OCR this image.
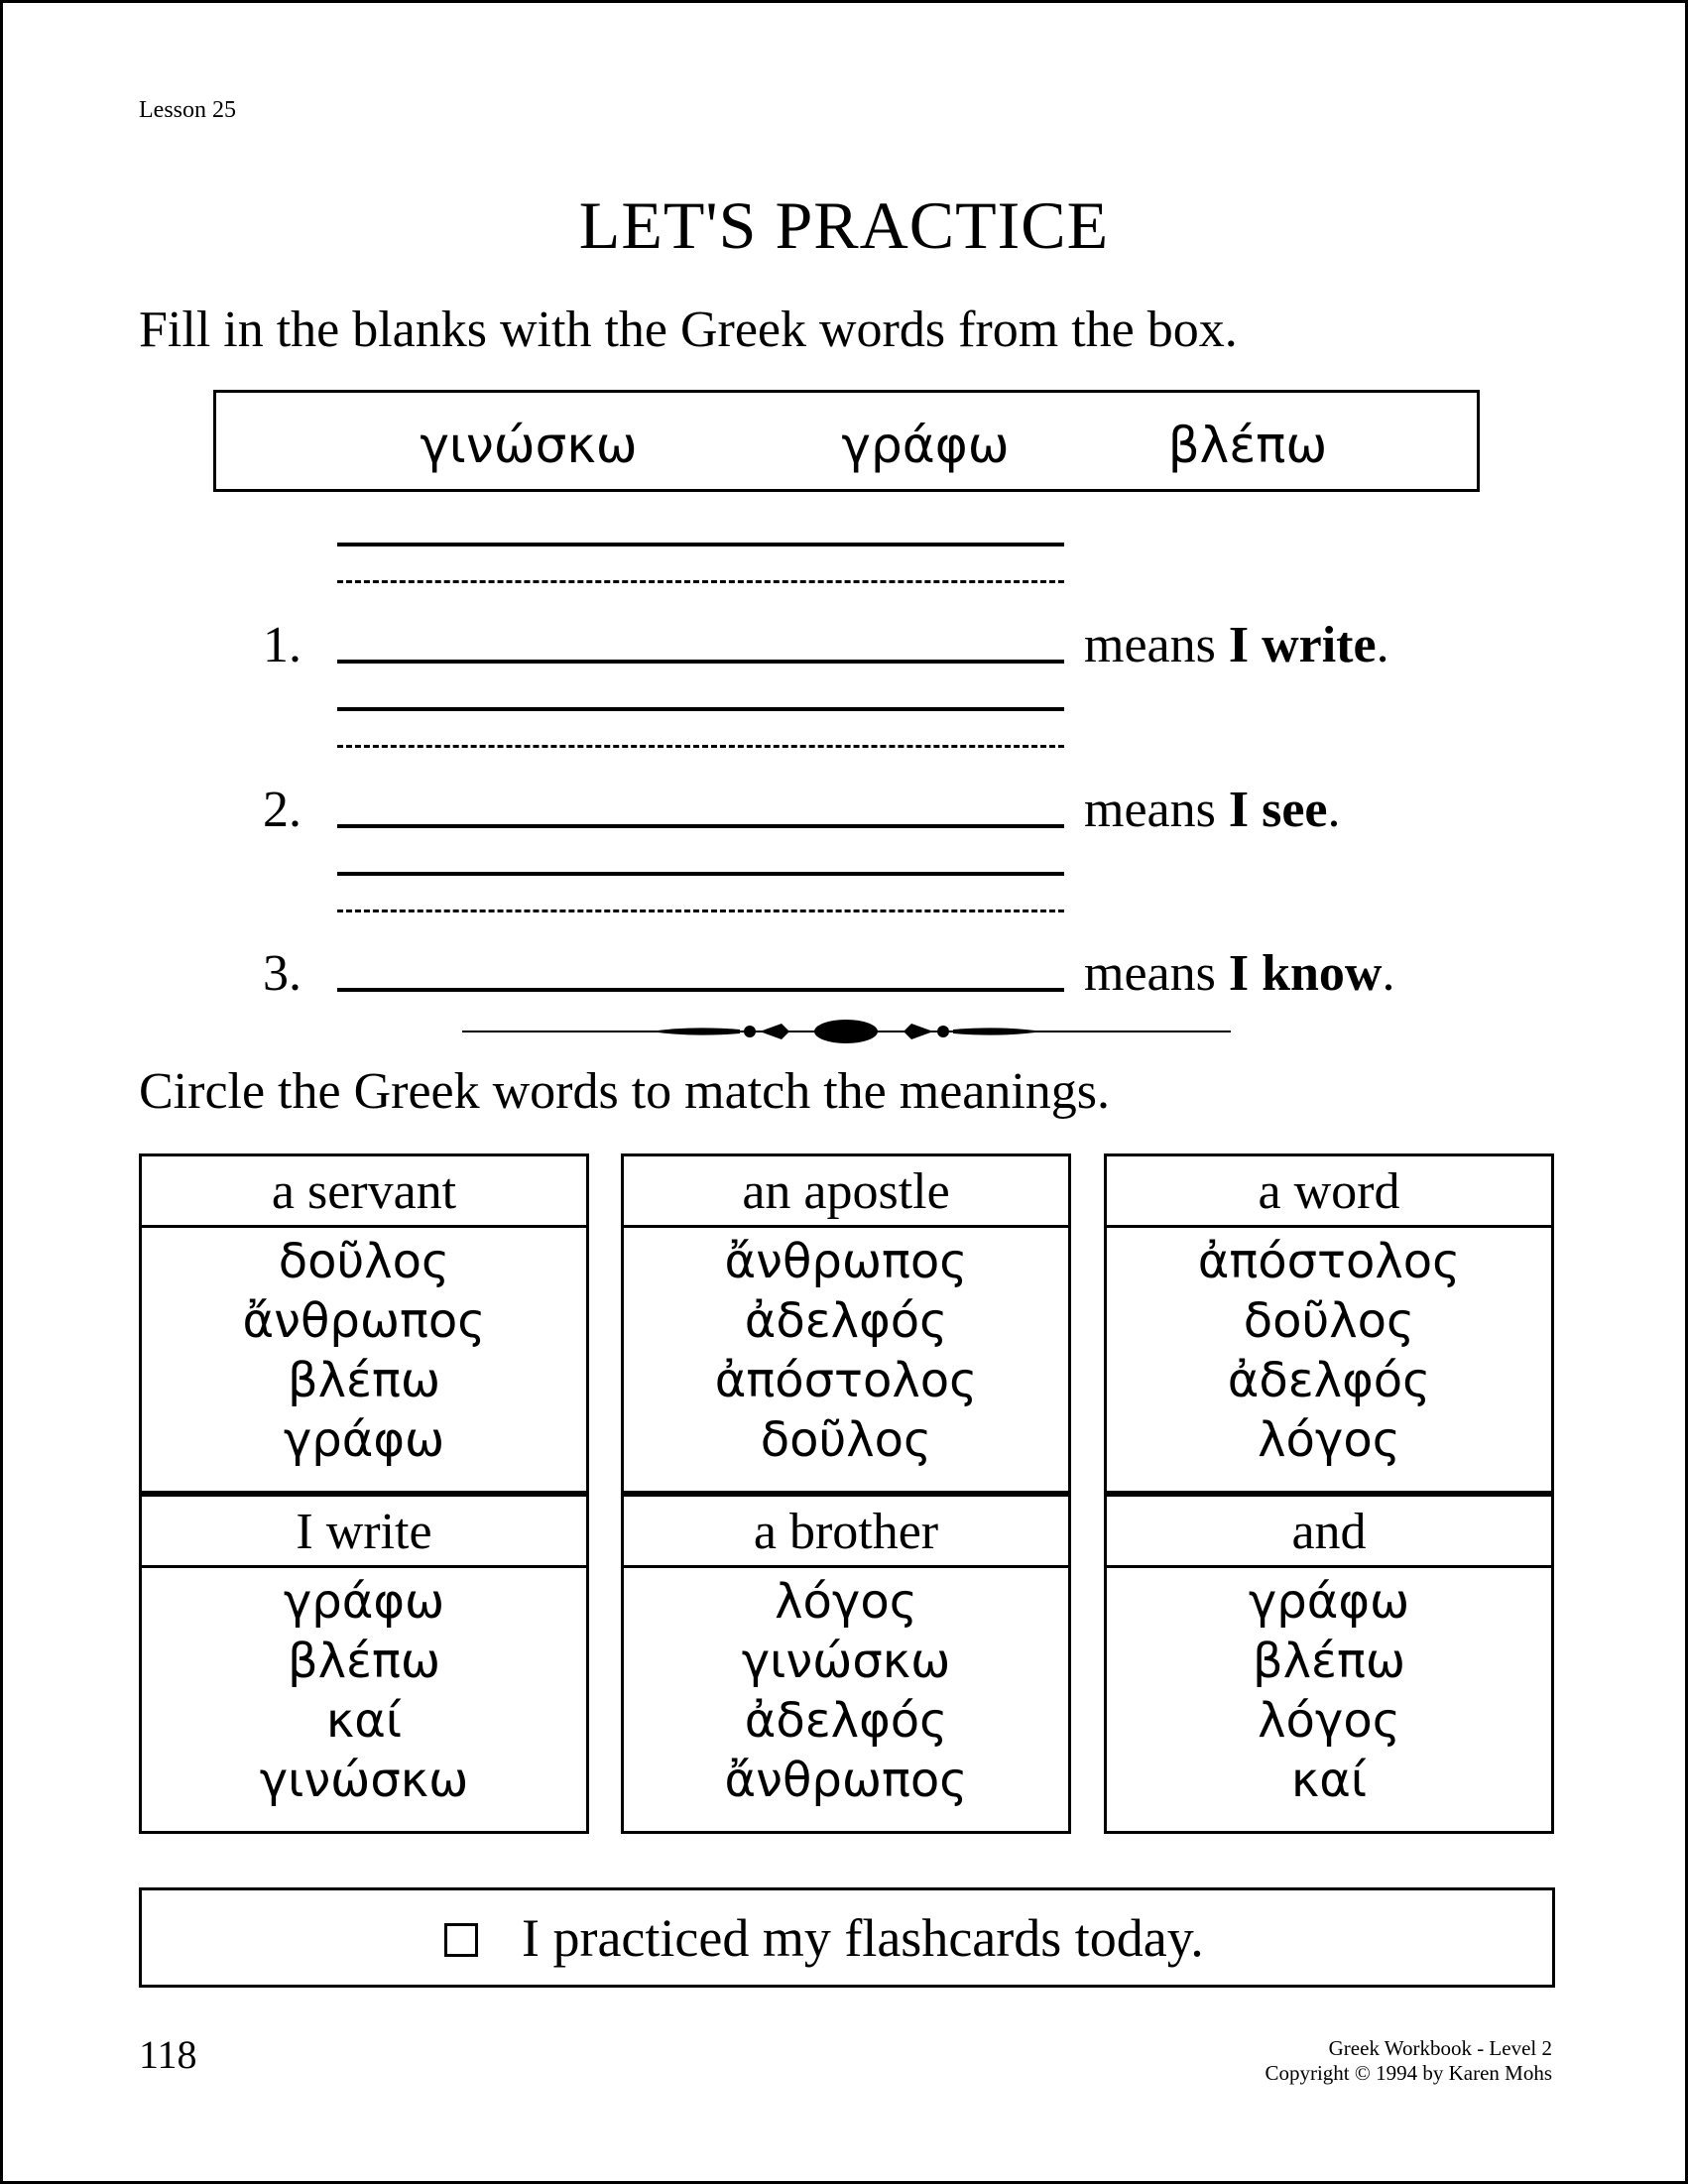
Lesson 25
LET'S PRACTICE
Fill in the blanks with the Greek words from the box.
γινώσκω	γράφω	βλέπω
1.	means I write.
2.	means I see.
3.	means I know.
Circle the Greek words to match the meanings.
a servant
δοῦλος
ἄνθρωπος
βλέπω
γράφω
an apostle
ἄνθρωπος
ἀδελφός
ἀπόστολος
δοῦλος
a word
ἀπόστολος
δοῦλος
ἀδελφός
λόγος
I write
γράφω
βλέπω
καί
γινώσκω
a brother
λόγος
γινώσκω
ἀδελφός
ἄνθρωπος
and
γράφω
βλέπω
λόγος
καί
I practiced my flashcards today.
118	Greek Workbook - Level 2
Copyright © 1994 by Karen Mohs
